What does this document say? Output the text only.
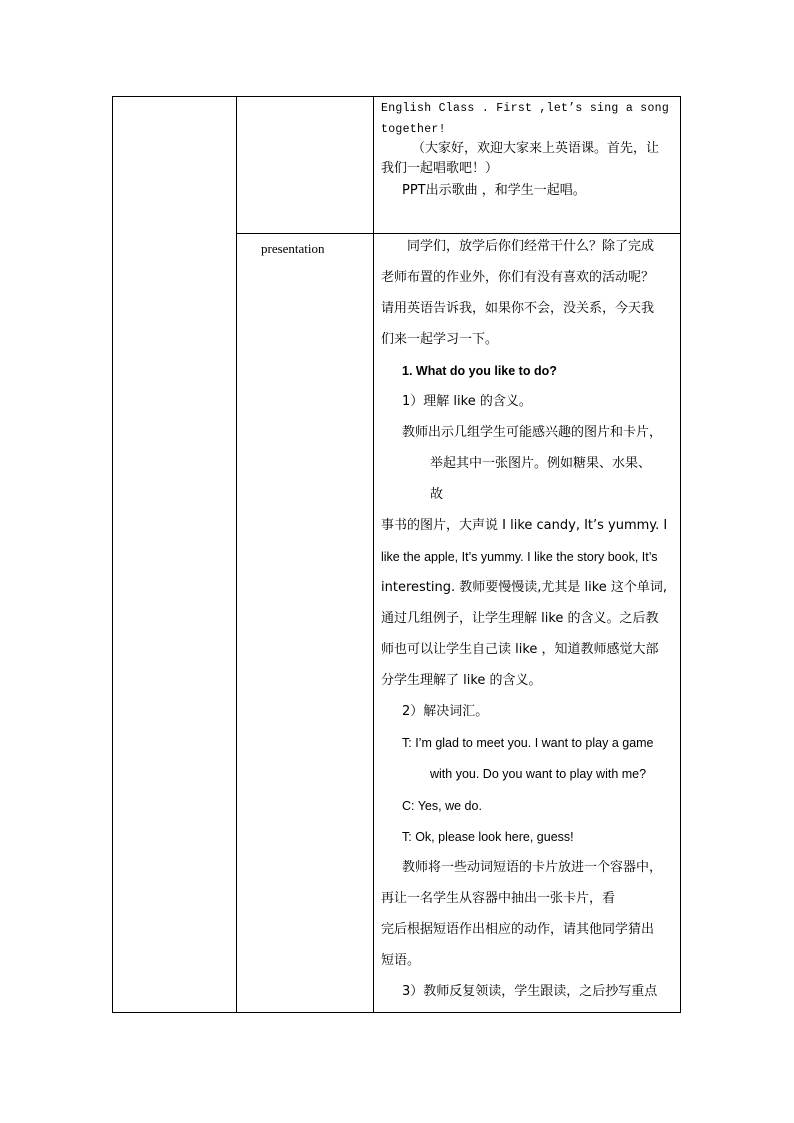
presentation
English Class . First ,let’s sing a song
together!
（大家好，欢迎大家来上英语课。首先，让
我们一起唱歌吧！）
PPT出示歌曲 ，和学生一起唱。
同学们，放学后你们经常干什么？除了完成
老师布置的作业外，你们有没有喜欢的活动呢？
请用英语告诉我，如果你不会，没关系，今天我
们来一起学习一下。
1. What do you like to do?
1）理解 like 的含义。
教师出示几组学生可能感兴趣的图片和卡片，
举起其中一张图片。例如糖果、水果、
故
事书的图片，大声说 I like candy, It’s yummy. I
like the apple, It’s yummy. I like the story book, It’s
interesting. 教师要慢慢读,尤其是 like 这个单词,
通过几组例子，让学生理解 like 的含义。之后教
师也可以让学生自己读 like ，知道教师感觉大部
分学生理解了 like 的含义。
2）解决词汇。
T: I’m glad to meet you. I want to play a game
with you. Do you want to play with me?
C: Yes, we do.
T: Ok, please look here, guess!
教师将一些动词短语的卡片放进一个容器中，
再让一名学生从容器中抽出一张卡片，看
完后根据短语作出相应的动作，请其他同学猜出
短语。
3）教师反复领读，学生跟读，之后抄写重点
